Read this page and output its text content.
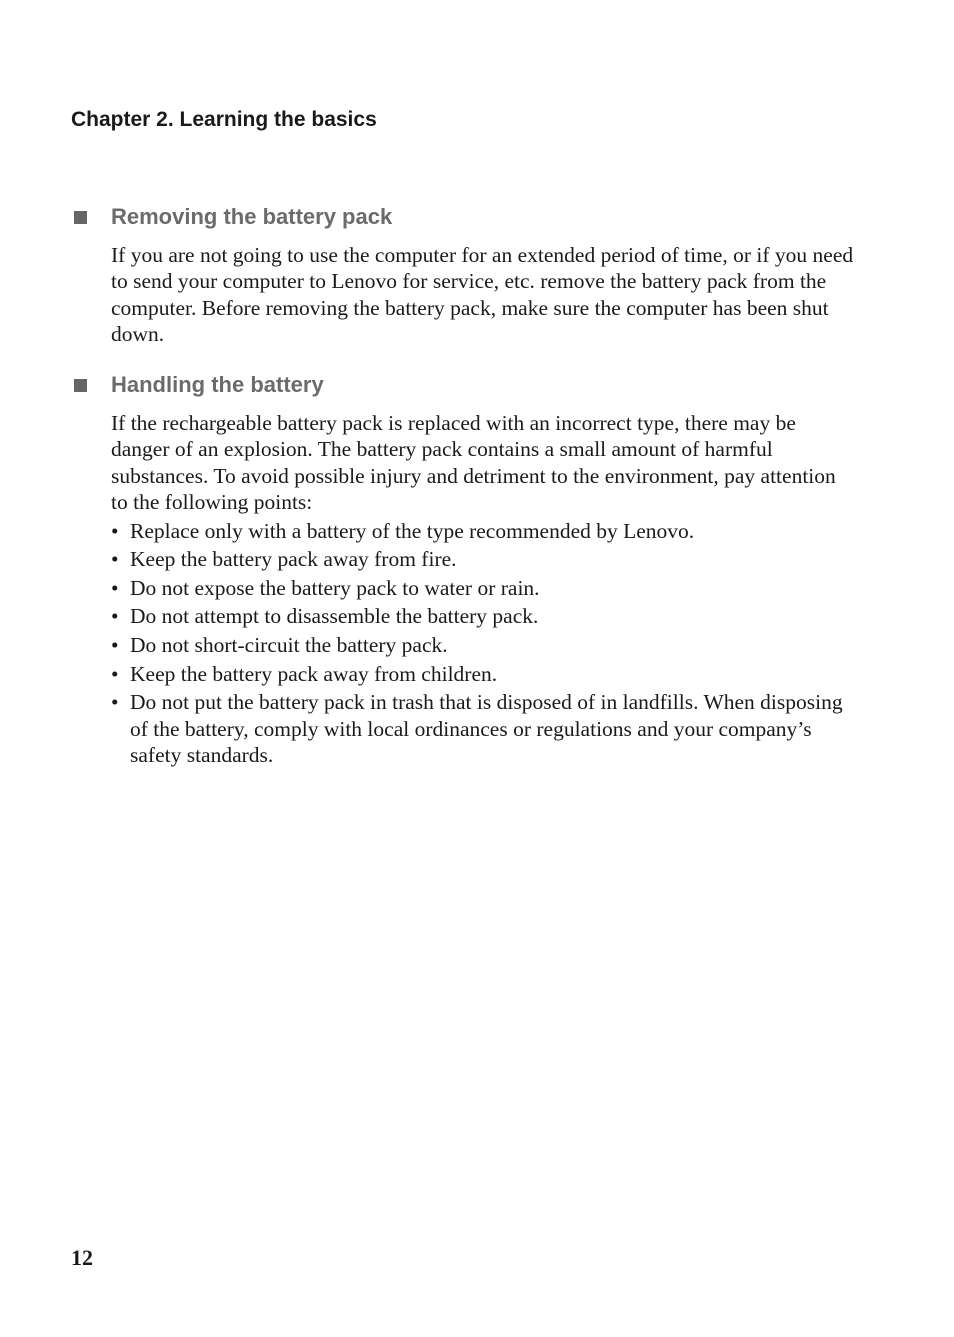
Chapter 2. Learning the basics
Removing the battery pack
If you are not going to use the computer for an extended period of time, or if you need to send your computer to Lenovo for service, etc. remove the battery pack from the computer. Before removing the battery pack, make sure the computer has been shut down.
Handling the battery
If the rechargeable battery pack is replaced with an incorrect type, there may be danger of an explosion. The battery pack contains a small amount of harmful substances. To avoid possible injury and detriment to the environment, pay attention to the following points:
• Replace only with a battery of the type recommended by Lenovo.
• Keep the battery pack away from fire.
• Do not expose the battery pack to water or rain.
• Do not attempt to disassemble the battery pack.
• Do not short-circuit the battery pack.
• Keep the battery pack away from children.
• Do not put the battery pack in trash that is disposed of in landfills. When disposing of the battery, comply with local ordinances or regulations and your company’s safety standards.
12
